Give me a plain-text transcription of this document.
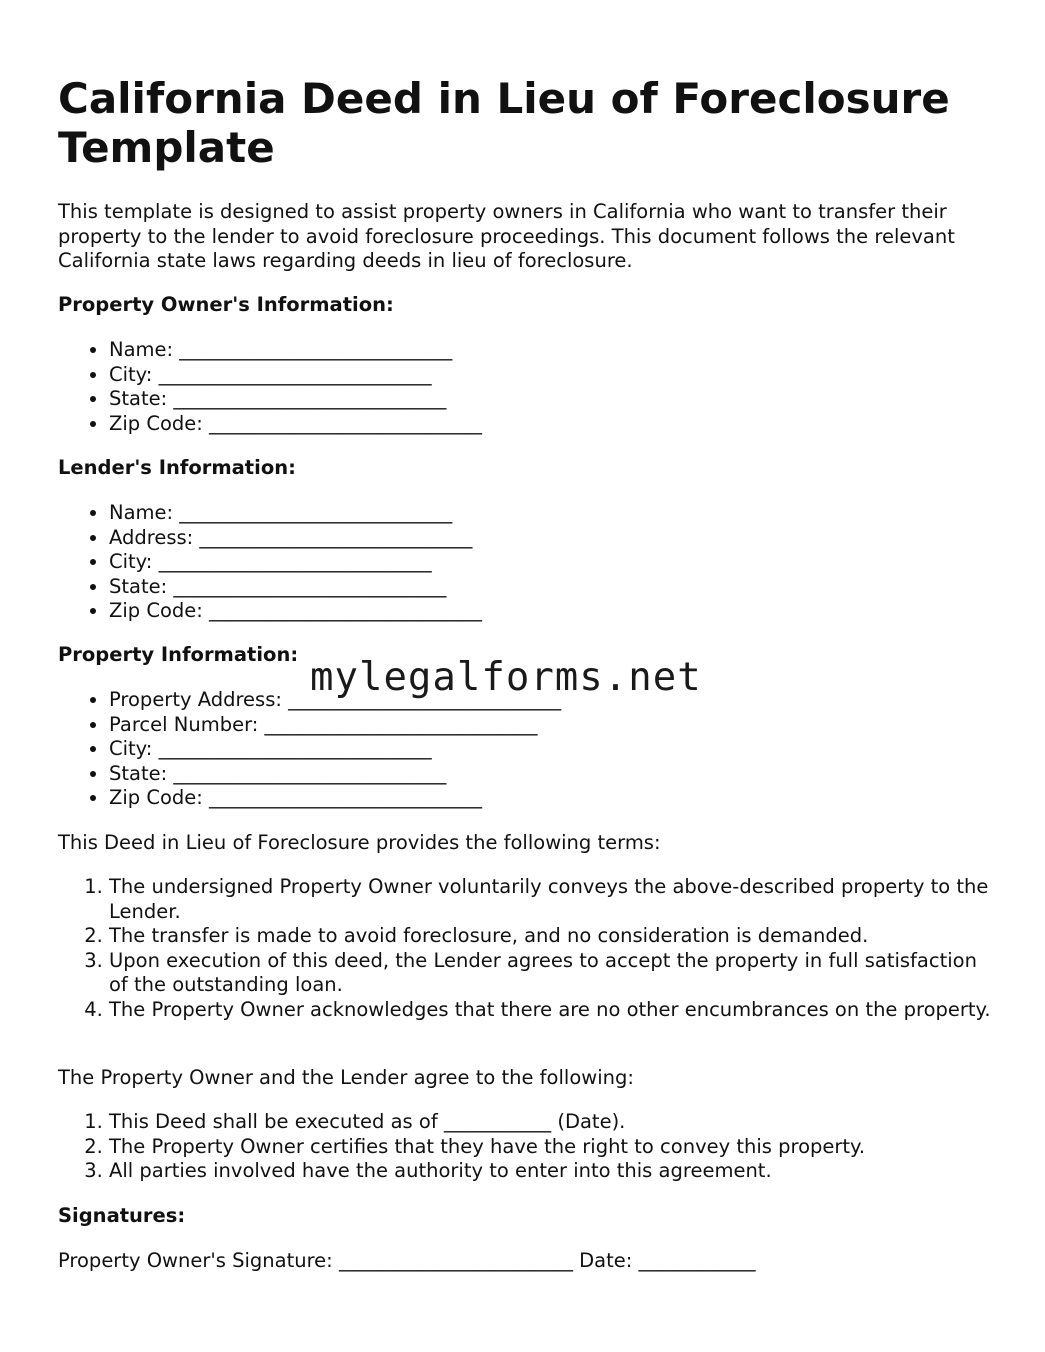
California Deed in Lieu of Foreclosure Template

This template is designed to assist property owners in California who want to transfer their property to the lender to avoid foreclosure proceedings. This document follows the relevant California state laws regarding deeds in lieu of foreclosure.

Property Owner's Information:

• Name: ____________________________
• City: ____________________________
• State: ____________________________
• Zip Code: ____________________________

Lender's Information:

• Name: ____________________________
• Address: ____________________________
• City: ____________________________
• State: ____________________________
• Zip Code: ____________________________

Property Information:

• Property Address: ____________________________
• Parcel Number: ____________________________
• City: ____________________________
• State: ____________________________
• Zip Code: ____________________________

This Deed in Lieu of Foreclosure provides the following terms:

1. The undersigned Property Owner voluntarily conveys the above-described property to the Lender.
2. The transfer is made to avoid foreclosure, and no consideration is demanded.
3. Upon execution of this deed, the Lender agrees to accept the property in full satisfaction of the outstanding loan.
4. The Property Owner acknowledges that there are no other encumbrances on the property.

The Property Owner and the Lender agree to the following:

1. This Deed shall be executed as of ___________ (Date).
2. The Property Owner certifies that they have the right to convey this property.
3. All parties involved have the authority to enter into this agreement.

Signatures:

Property Owner's Signature: ________________________ Date: ____________
mylegalforms.net
